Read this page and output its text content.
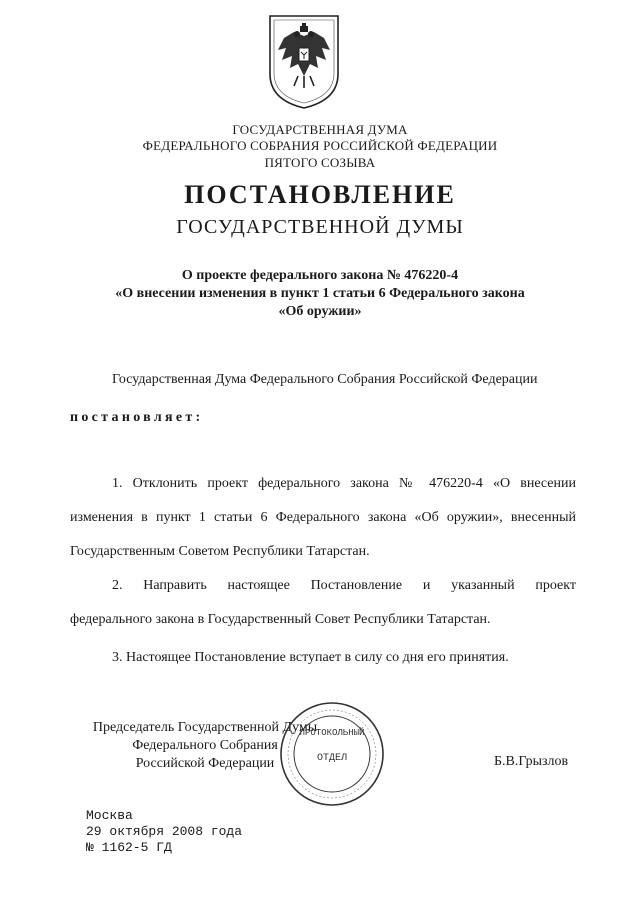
ГОСУДАРСТВЕННАЯ ДУМА
ФЕДЕРАЛЬНОГО СОБРАНИЯ РОССИЙСКОЙ ФЕДЕРАЦИИ
ПЯТОГО СОЗЫВА
ПОСТАНОВЛЕНИЕ
ГОСУДАРСТВЕННОЙ ДУМЫ
О проекте федерального закона № 476220-4
«О внесении изменения в пункт 1 статьи 6 Федерального закона
«Об оружии»
Государственная Дума Федерального Собрания Российской Федерации
постановляет:
1. Отклонить проект федерального закона № 476220-4 «О внесении
изменения в пункт 1 статьи 6 Федерального закона «Об оружии», внесенный
Государственным Советом Республики Татарстан.
2. Направить настоящее Постановление и указанный проект
федерального закона в Государственный Совет Республики Татарстан.
3. Настоящее Постановление вступает в силу со дня его принятия.
Председатель Государственной Думы
Федерального Собрания
Российской Федерации	Б.В.Грызлов
ПРОТОКОЛЬНЫЙ
ОТДЕЛ
Москва
29 октября 2008 года
№ 1162-5 ГД
